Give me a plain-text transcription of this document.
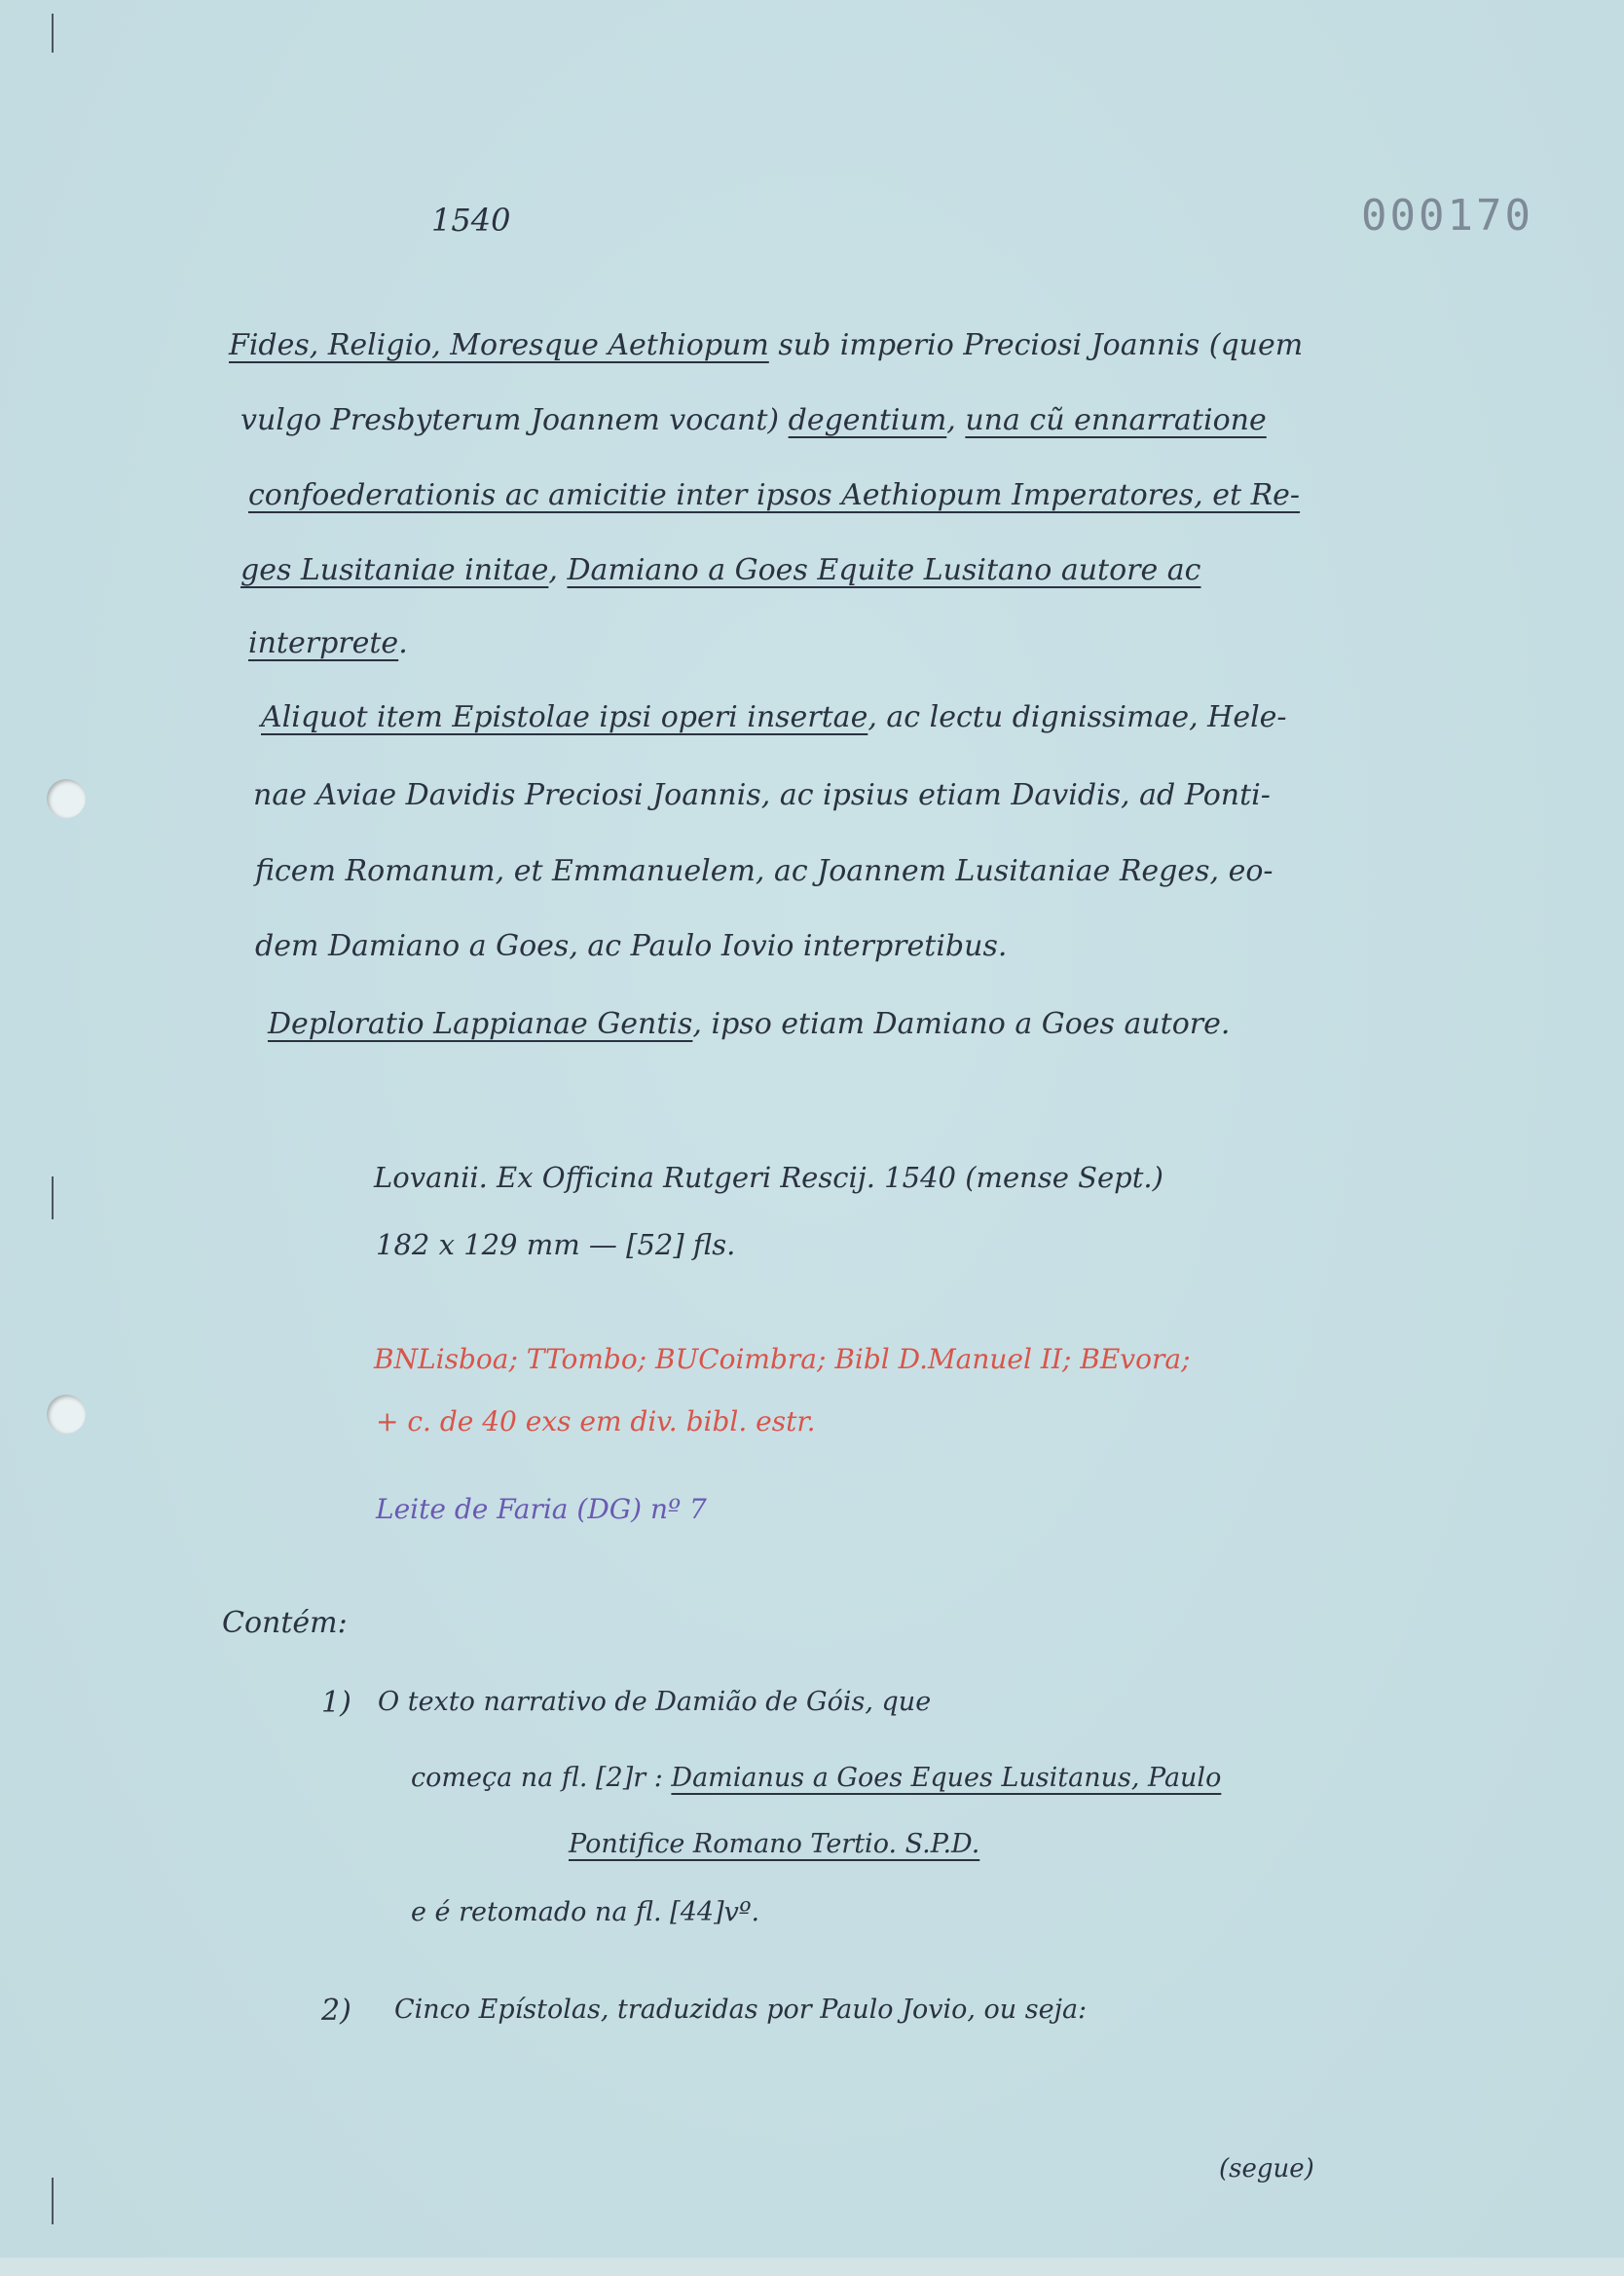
1540	000170
Fides, Religio, Moresque Aethiopum sub imperio Preciosi Joannis (quem
vulgo Presbyterum Joannem vocant) degentium, una cũ ennarratione
confoederationis ac amicitie inter ipsos Aethiopum Imperatores, et Re-
ges Lusitaniae initae, Damiano a Goes Equite Lusitano autore ac
interprete.
Aliquot item Epistolae ipsi operi insertae, ac lectu dignissimae, Hele-
nae Aviae Davidis Preciosi Joannis, ac ipsius etiam Davidis, ad Ponti-
ficem Romanum, et Emmanuelem, ac Joannem Lusitaniae Reges, eo-
dem Damiano a Goes, ac Paulo Iovio interpretibus.
Deploratio Lappianae Gentis, ipso etiam Damiano a Goes autore.
Lovanii. Ex Officina Rutgeri Rescij. 1540 (mense Sept.)
182 x 129 mm — [52] fls.
BNLisboa; TTombo; BUCoimbra; Bibl D.Manuel II; BEvora;
+ c. de 40 exs em div. bibl. estr.
Leite de Faria (DG) nº 7
Contém:
1) O texto narrativo de Damião de Góis, que
começa na fl. [2]r : Damianus a Goes Eques Lusitanus, Paulo
Pontifice Romano Tertio. S.P.D.
e é retomado na fl. [44]vº.
2) Cinco Epístolas, traduzidas por Paulo Jovio, ou seja:
(segue)
